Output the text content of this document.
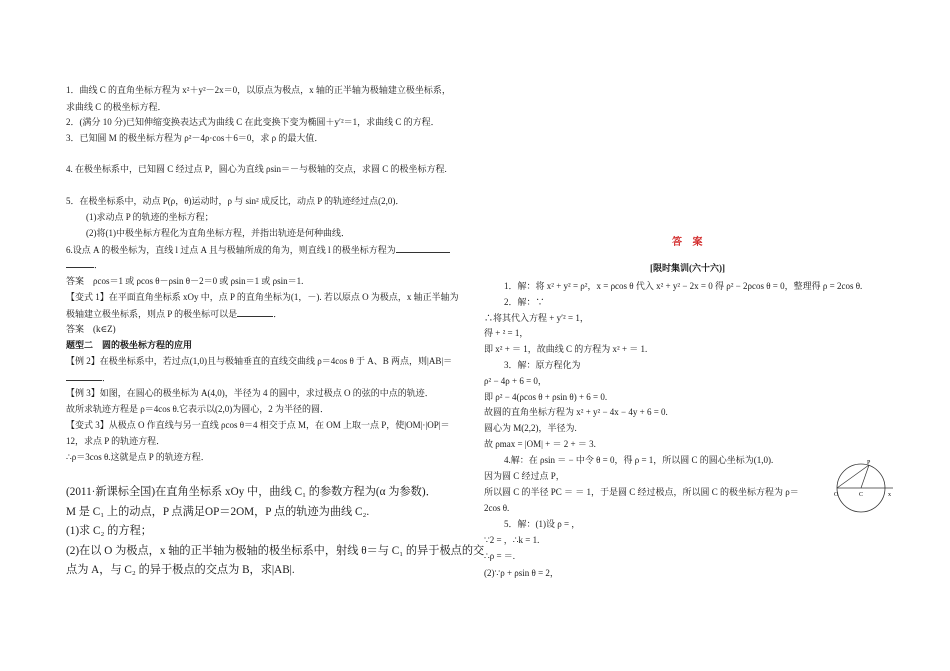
1．曲线 C 的直角坐标方程为 x²＋y²－2x＝0，以原点为极点，x 轴的正半轴为极轴建立极坐标系，
求曲线 C 的极坐标方程．
2．(满分 10 分)已知伸缩变换表达式为曲线 C 在此变换下变为椭圆＋y′²＝1，求曲线 C 的方程．
3．已知圆 M 的极坐标方程为 ρ²－4ρ·cos＋6＝0，求 ρ 的最大值．
4. 在极坐标系中，已知圆 C 经过点 P，圆心为直线 ρsin＝－与极轴的交点，求圆 C 的极坐标方程.
5．在极坐标系中，动点 P(ρ，θ)运动时，ρ 与 sin² 成反比，动点 P 的轨迹经过点(2,0)．
(1)求动点 P 的轨迹的坐标方程；
(2)将(1)中极坐标方程化为直角坐标方程，并指出轨迹是何种曲线．
6.设点 A 的极坐标为，直线 l 过点 A 且与极轴所成的角为，则直线 l 的极坐标方程为
．
答案　ρcos＝1 或 ρcos θ－ρsin θ－2＝0 或 ρsin＝1 或 ρsin＝1.
【变式 1】在平面直角坐标系 xOy 中，点 P 的直角坐标为(1，－). 若以原点 O 为极点，x 轴正半轴为
极轴建立极坐标系，则点 P 的极坐标可以是	．
答案　(k∈Z)
题型二　圆的极坐标方程的应用
【例 2】在极坐标系中，若过点(1,0)且与极轴垂直的直线交曲线 ρ＝4cos θ 于 A、B 两点，则|AB|＝
．
【例 3】如图，在圆心的极坐标为 A(4,0)，半径为 4 的圆中，求过极点 O 的弦的中点的轨迹．
故所求轨迹方程是 ρ＝4cos θ.它表示以(2,0)为圆心，2 为半径的圆．
【变式 3】从极点 O 作直线与另一直线 ρcos θ＝4 相交于点 M，在 OM 上取一点 P，使|OM|·|OP|＝
12，求点 P 的轨迹方程．
∴ρ＝3cos θ.这就是点 P 的轨迹方程．
(2011·新课标全国)在直角坐标系 xOy 中，曲线 C₁ 的参数方程为(α 为参数)．
M 是 C₁ 上的动点，P 点满足OP＝2OM，P 点的轨迹为曲线 C₂.
(1)求 C₂ 的方程；
(2)在以 O 为极点，x 轴的正半轴为极轴的极坐标系中，射线 θ＝与 C₁ 的异于极点的交
点为 A，与 C₂ 的异于极点的交点为 B，求|AB|.
答 案
[限时集训(六十六)]
1．解：将 x² + y² = ρ²，x = ρcos θ 代入 x² + y² − 2x = 0 得 ρ² − 2ρcos θ = 0，整理得 ρ = 2cos θ.
2．解：∵
∴将其代入方程 + y′² = 1，
得 + ² = 1，
即 x² + ＝ 1，故曲线 C 的方程为 x² + ＝ 1.
3．解：原方程化为
ρ² − 4ρ + 6 = 0，
即 ρ² − 4(ρcos θ + ρsin θ) + 6 = 0.
故圆的直角坐标方程为 x² + y² − 4x − 4y + 6 = 0.
圆心为 M(2,2)，半径为.
故 ρmax = |OM| + ＝ 2 + ＝ 3.
4.解：在 ρsin ＝ − 中令 θ = 0，得 ρ = 1，所以圆 C 的圆心坐标为(1,0).
因为圆 C 经过点 P，
所以圆 C 的半径 PC ＝ ＝ 1，于是圆 C 经过极点，所以圆 C 的极坐标方程为 ρ＝
2cos θ.
5．解：(1)设 ρ = ，
∵2 = ，∴k = 1.
∴ρ = ＝.
(2)∵ρ + ρsin θ = 2，
P
C
O	x
